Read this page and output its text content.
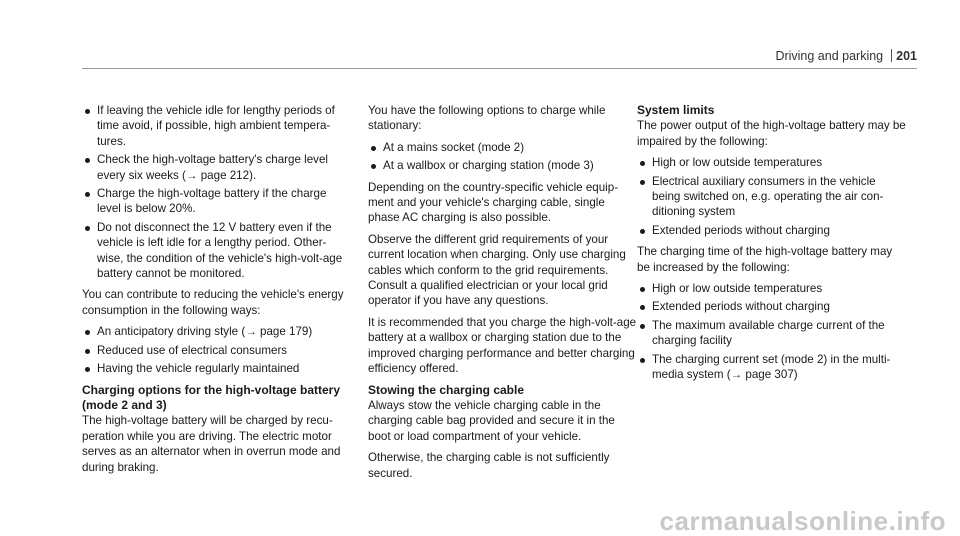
Driving and parking 201
If leaving the vehicle idle for lengthy periods of time avoid, if possible, high ambient tempera-tures.
Check the high-voltage battery's charge level every six weeks (→ page 212).
Charge the high-voltage battery if the charge level is below 20%.
Do not disconnect the 12 V battery even if the vehicle is left idle for a lengthy period. Other-wise, the condition of the vehicle's high-volt-age battery cannot be monitored.

You can contribute to reducing the vehicle's energy consumption in the following ways:

An anticipatory driving style (→ page 179)
Reduced use of electrical consumers
Having the vehicle regularly maintained
Charging options for the high-voltage battery (mode 2 and 3)

The high-voltage battery will be charged by recu-peration while you are driving. The electric motor serves as an alternator when in overrun mode and during braking.

You have the following options to charge while stationary:

At a mains socket (mode 2)
At a wallbox or charging station (mode 3)

Depending on the country-specific vehicle equip-ment and your vehicle's charging cable, single phase AC charging is also possible.

Observe the different grid requirements of your current location when charging. Only use charging cables which conform to the grid requirements. Consult a qualified electrician or your local grid operator if you have any questions.

It is recommended that you charge the high-volt-age battery at a wallbox or charging station due to the improved charging performance and better charging efficiency offered.

Stowing the charging cable

Always stow the vehicle charging cable in the charging cable bag provided and secure it in the boot or load compartment of your vehicle.

Otherwise, the charging cable is not sufficiently secured.

System limits

The power output of the high-voltage battery may be impaired by the following:

High or low outside temperatures
Electrical auxiliary consumers in the vehicle being switched on, e.g. operating the air con-ditioning system
Extended periods without charging

The charging time of the high-voltage battery may be increased by the following:

High or low outside temperatures
Extended periods without charging
The maximum available charge current of the charging facility
The charging current set (mode 2) in the multi-media system (→ page 307)
carmanualsonline.info
